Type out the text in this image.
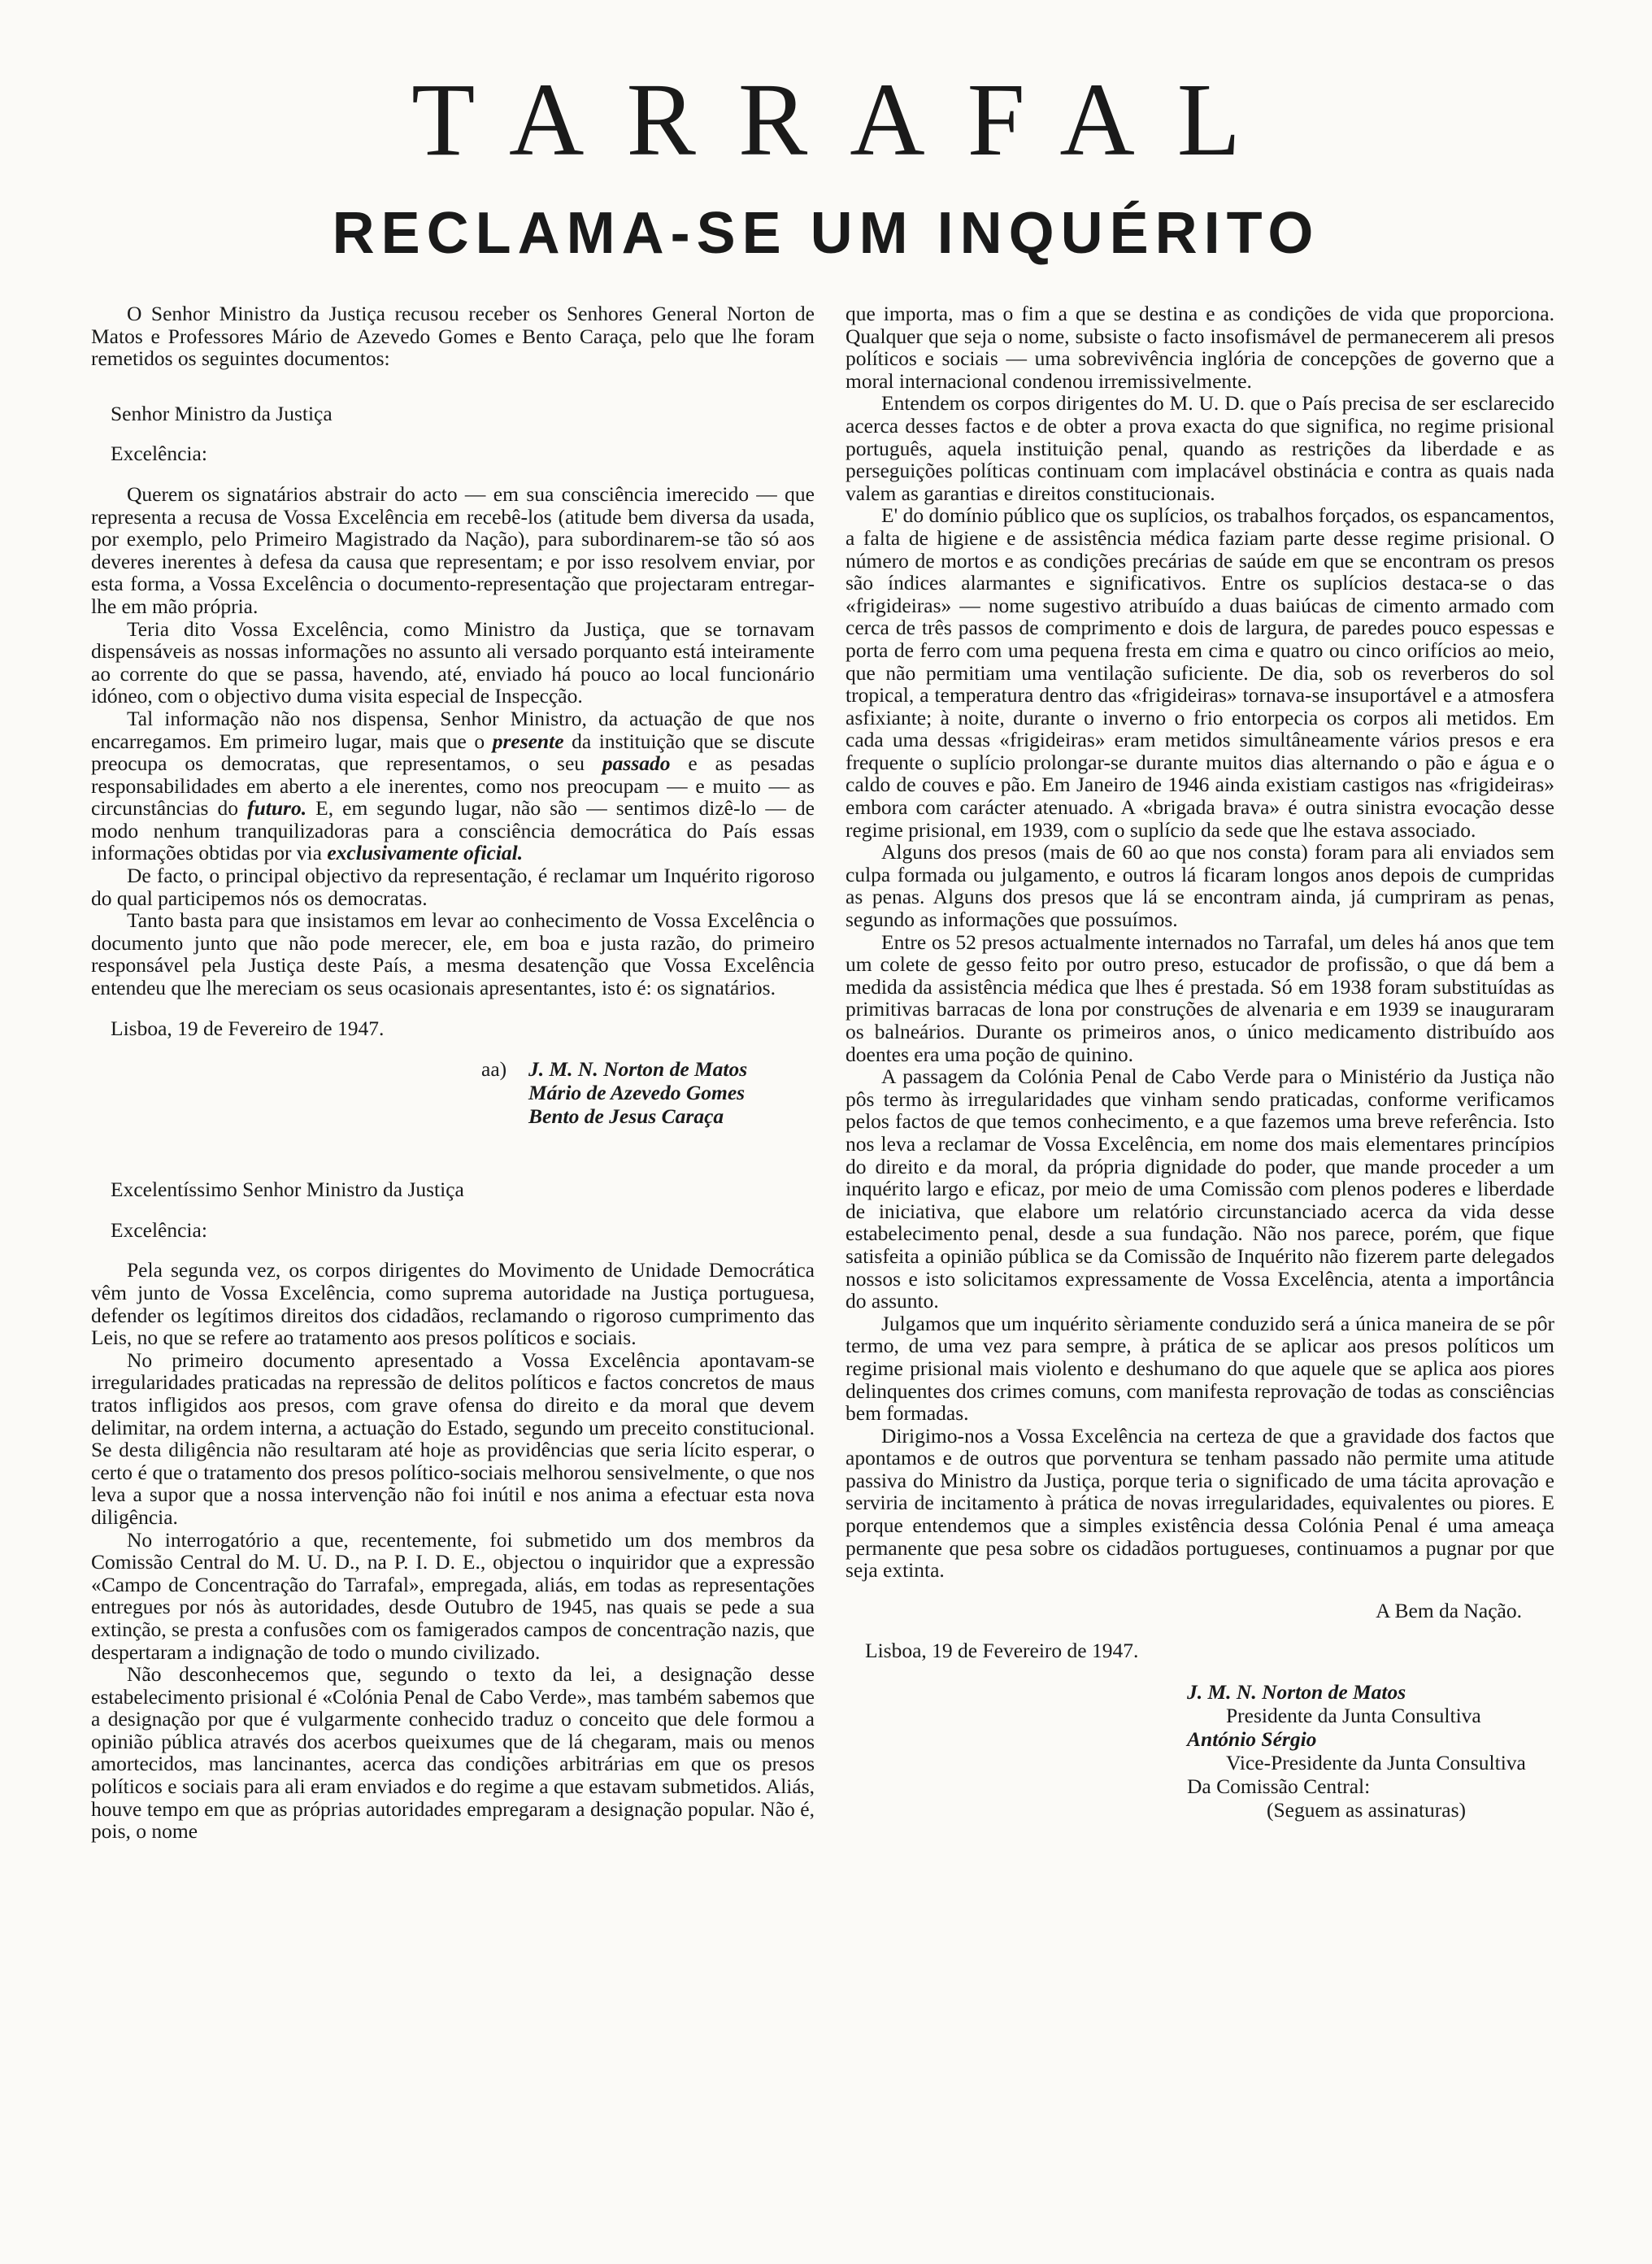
TARRAFAL
RECLAMA-SE UM INQUÉRITO

O Senhor Ministro da Justiça recusou receber os Senhores General Norton de Matos e Professores Mário de Azevedo Gomes e Bento Caraça, pelo que lhe foram remetidos os seguintes documentos:

Senhor Ministro da Justiça

Excelência:

Querem os signatários abstrair do acto — em sua consciência imerecido — que representa a recusa de Vossa Excelência em recebê-los (atitude bem diversa da usada, por exemplo, pelo Primeiro Magistrado da Nação), para subordinarem-se tão só aos deveres inerentes à defesa da causa que representam; e por isso resolvem enviar, por esta forma, a Vossa Excelência o documento-representação que projectaram entregar-lhe em mão própria.

Teria dito Vossa Excelência, como Ministro da Justiça, que se tornavam dispensáveis as nossas informações no assunto ali versado porquanto está inteiramente ao corrente do que se passa, havendo, até, enviado há pouco ao local funcionário idóneo, com o objectivo duma visita especial de Inspecção.

Tal informação não nos dispensa, Senhor Ministro, da actuação de que nos encarregamos. Em primeiro lugar, mais que o presente da instituição que se discute preocupa os democratas, que representamos, o seu passado e as pesadas responsabilidades em aberto a ele inerentes, como nos preocupam — e muito — as circunstâncias do futuro. E, em segundo lugar, não são — sentimos dizê-lo — de modo nenhum tranquilizadoras para a consciência democrática do País essas informações obtidas por via exclusivamente oficial.

De facto, o principal objectivo da representação, é reclamar um Inquérito rigoroso do qual participemos nós os democratas.

Tanto basta para que insistamos em levar ao conhecimento de Vossa Excelência o documento junto que não pode merecer, ele, em boa e justa razão, do primeiro responsável pela Justiça deste País, a mesma desatenção que Vossa Excelência entendeu que lhe mereciam os seus ocasionais apresentantes, isto é: os signatários.

Lisboa, 19 de Fevereiro de 1947.

aa)	J. M. N. Norton de Matos
Mário de Azevedo Gomes
Bento de Jesus Caraça

Excelentíssimo Senhor Ministro da Justiça

Excelência:

Pela segunda vez, os corpos dirigentes do Movimento de Unidade Democrática vêm junto de Vossa Excelência, como suprema autoridade na Justiça portuguesa, defender os legítimos direitos dos cidadãos, reclamando o rigoroso cumprimento das Leis, no que se refere ao tratamento aos presos políticos e sociais.

No primeiro documento apresentado a Vossa Excelência apontavam-se irregularidades praticadas na repressão de delitos políticos e factos concretos de maus tratos infligidos aos presos, com grave ofensa do direito e da moral que devem delimitar, na ordem interna, a actuação do Estado, segundo um preceito constitucional. Se desta diligência não resultaram até hoje as providências que seria lícito esperar, o certo é que o tratamento dos presos político-sociais melhorou sensivelmente, o que nos leva a supor que a nossa intervenção não foi inútil e nos anima a efectuar esta nova diligência.

No interrogatório a que, recentemente, foi submetido um dos membros da Comissão Central do M. U. D., na P. I. D. E., objectou o inquiridor que a expressão «Campo de Concentração do Tarrafal», empregada, aliás, em todas as representações entregues por nós às autoridades, desde Outubro de 1945, nas quais se pede a sua extinção, se presta a confusões com os famigerados campos de concentração nazis, que despertaram a indignação de todo o mundo civilizado.

Não desconhecemos que, segundo o texto da lei, a designação desse estabelecimento prisional é «Colónia Penal de Cabo Verde», mas também sabemos que a designação por que é vulgarmente conhecido traduz o conceito que dele formou a opinião pública através dos acerbos queixumes que de lá chegaram, mais ou menos amortecidos, mas lancinantes, acerca das condições arbitrárias em que os presos políticos e sociais para ali eram enviados e do regime a que estavam submetidos. Aliás, houve tempo em que as próprias autoridades empregaram a designação popular. Não é, pois, o nome

que importa, mas o fim a que se destina e as condições de vida que proporciona. Qualquer que seja o nome, subsiste o facto insofismável de permanecerem ali presos políticos e sociais — uma sobrevivência inglória de concepções de governo que a moral internacional condenou irremissivelmente.

Entendem os corpos dirigentes do M. U. D. que o País precisa de ser esclarecido acerca desses factos e de obter a prova exacta do que significa, no regime prisional português, aquela instituição penal, quando as restrições da liberdade e as perseguições políticas continuam com implacável obstinácia e contra as quais nada valem as garantias e direitos constitucionais.

E' do domínio público que os suplícios, os trabalhos forçados, os espancamentos, a falta de higiene e de assistência médica faziam parte desse regime prisional. O número de mortos e as condições precárias de saúde em que se encontram os presos são índices alarmantes e significativos. Entre os suplícios destaca-se o das «frigideiras» — nome sugestivo atribuído a duas baiúcas de cimento armado com cerca de três passos de comprimento e dois de largura, de paredes pouco espessas e porta de ferro com uma pequena fresta em cima e quatro ou cinco orifícios ao meio, que não permitiam uma ventilação suficiente. De dia, sob os reverberos do sol tropical, a temperatura dentro das «frigideiras» tornava-se insuportável e a atmosfera asfixiante; à noite, durante o inverno o frio entorpecia os corpos ali metidos. Em cada uma dessas «frigideiras» eram metidos simultâneamente vários presos e era frequente o suplício prolongar-se durante muitos dias alternando o pão e água e o caldo de couves e pão. Em Janeiro de 1946 ainda existiam castigos nas «frigideiras» embora com carácter atenuado. A «brigada brava» é outra sinistra evocação desse regime prisional, em 1939, com o suplício da sede que lhe estava associado.

Alguns dos presos (mais de 60 ao que nos consta) foram para ali enviados sem culpa formada ou julgamento, e outros lá ficaram longos anos depois de cumpridas as penas. Alguns dos presos que lá se encontram ainda, já cumpriram as penas, segundo as informações que possuímos.

Entre os 52 presos actualmente internados no Tarrafal, um deles há anos que tem um colete de gesso feito por outro preso, estucador de profissão, o que dá bem a medida da assistência médica que lhes é prestada. Só em 1938 foram substituídas as primitivas barracas de lona por construções de alvenaria e em 1939 se inauguraram os balneários. Durante os primeiros anos, o único medicamento distribuído aos doentes era uma poção de quinino.

A passagem da Colónia Penal de Cabo Verde para o Ministério da Justiça não pôs termo às irregularidades que vinham sendo praticadas, conforme verificamos pelos factos de que temos conhecimento, e a que fazemos uma breve referência. Isto nos leva a reclamar de Vossa Excelência, em nome dos mais elementares princípios do direito e da moral, da própria dignidade do poder, que mande proceder a um inquérito largo e eficaz, por meio de uma Comissão com plenos poderes e liberdade de iniciativa, que elabore um relatório circunstanciado acerca da vida desse estabelecimento penal, desde a sua fundação. Não nos parece, porém, que fique satisfeita a opinião pública se da Comissão de Inquérito não fizerem parte delegados nossos e isto solicitamos expressamente de Vossa Excelência, atenta a importância do assunto.

Julgamos que um inquérito sèriamente conduzido será a única maneira de se pôr termo, de uma vez para sempre, à prática de se aplicar aos presos políticos um regime prisional mais violento e deshumano do que aquele que se aplica aos piores delinquentes dos crimes comuns, com manifesta reprovação de todas as consciências bem formadas.

Dirigimo-nos a Vossa Excelência na certeza de que a gravidade dos factos que apontamos e de outros que porventura se tenham passado não permite uma atitude passiva do Ministro da Justiça, porque teria o significado de uma tácita aprovação e serviria de incitamento à prática de novas irregularidades, equivalentes ou piores. E porque entendemos que a simples existência dessa Colónia Penal é uma ameaça permanente que pesa sobre os cidadãos portugueses, continuamos a pugnar por que seja extinta.

A Bem da Nação.

Lisboa, 19 de Fevereiro de 1947.

J. M. N. Norton de Matos
Presidente da Junta Consultiva
António Sérgio
Vice-Presidente da Junta Consultiva
Da Comissão Central:
(Seguem as assinaturas)
